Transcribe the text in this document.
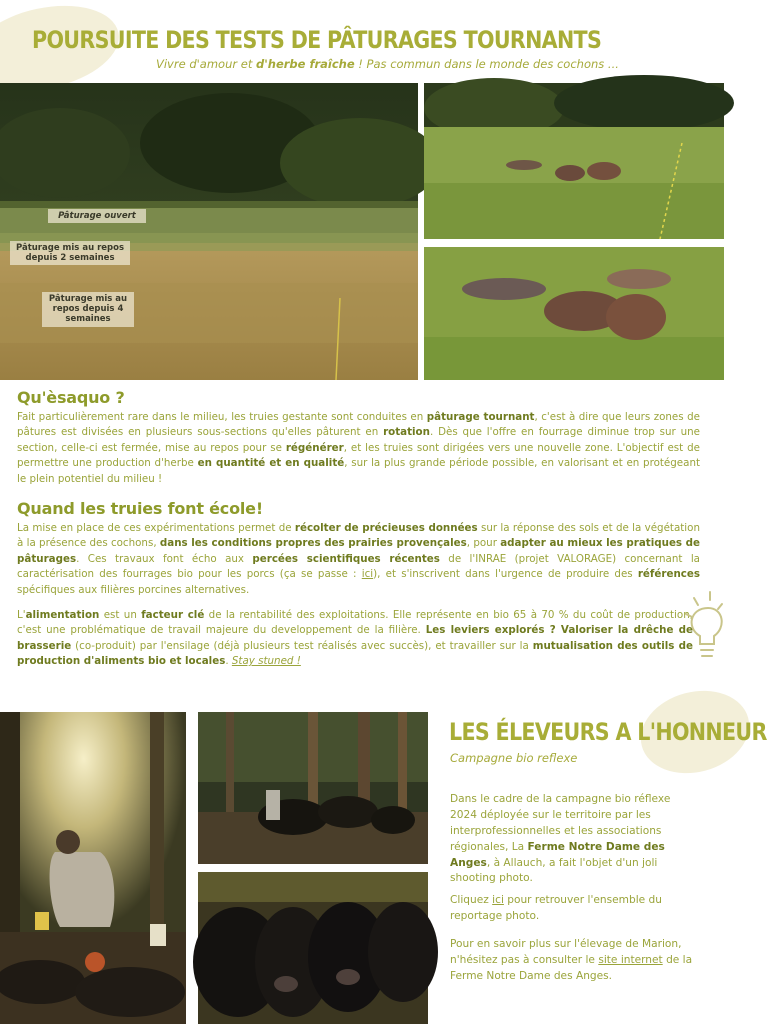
POURSUITE DES TESTS DE PÂTURAGES TOURNANTS
Vivre d'amour et d'herbe fraîche ! Pas commun dans le monde des cochons ...
Pâturage ouvert
Pâturage mis au repos depuis 2 semaines
Pâturage mis au repos depuis 4 semaines
Qu'èsaquo ?

Fait particulièrement rare dans le milieu, les truies gestante sont conduites en pâturage tournant, c'est à dire que leurs zones de pâtures est divisées en plusieurs sous-sections qu'elles pâturent en rotation. Dès que l'offre en fourrage diminue trop sur une section, celle-ci est fermée, mise au repos pour se régénérer, et les truies sont dirigées vers une nouvelle zone. L'objectif est de permettre une production d'herbe en quantité et en qualité, sur la plus grande période possible, en valorisant et en protégeant le plein potentiel du milieu !

Quand les truies font école!

La mise en place de ces expérimentations permet de récolter de précieuses données sur la réponse des sols et de la végétation à la présence des cochons, dans les conditions propres des prairies provençales, pour adapter au mieux les pratiques de pâturages. Ces travaux font écho aux percées scientifiques récentes de l'INRAE (projet VALORAGE) concernant la caractérisation des fourrages bio pour les porcs (ça se passe : ici), et s'inscrivent dans l'urgence de produire des références spécifiques aux filières porcines alternatives.

L'alimentation est un facteur clé de la rentabilité des exploitations. Elle représente en bio 65 à 70 % du coût de production, c'est une problématique de travail majeure du developpement de la filière. Les leviers explorés ? Valoriser la drêche de brasserie (co-produit) par l'ensilage (déjà plusieurs test réalisés avec succès), et travailler sur la mutualisation des outils de production d'aliments bio et locales. Stay stuned !

LES ÉLEVEURS A L'HONNEUR
Campagne bio reflexe

Dans le cadre de la campagne bio réflexe 2024 déployée sur le territoire par les interprofessionnelles et les associations régionales, La Ferme Notre Dame des Anges, à Allauch, a fait l'objet d'un joli shooting photo.

Cliquez ici pour retrouver l'ensemble du reportage photo.

Pour en savoir plus sur l'élevage de Marion, n'hésitez pas à consulter le site internet de la Ferme Notre Dame des Anges.
